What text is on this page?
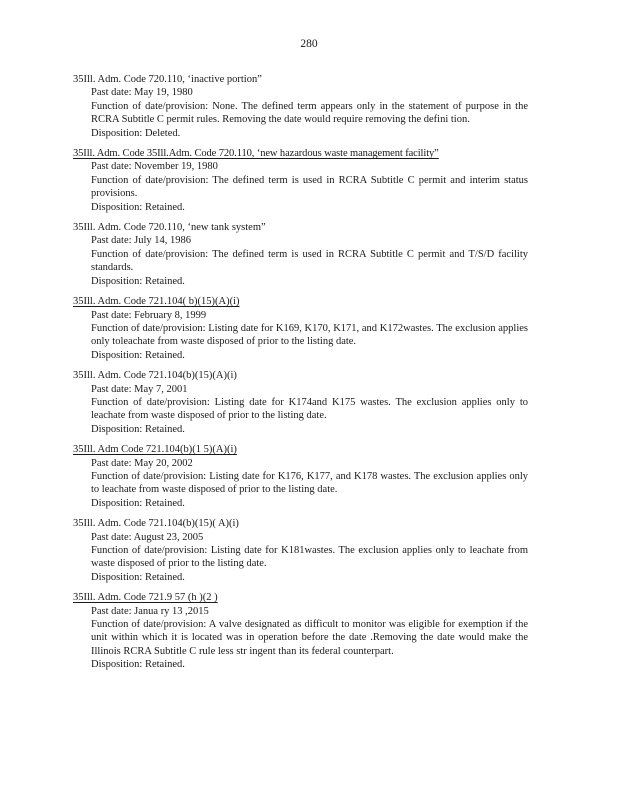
280
35Ill. Adm. Code 720.110, ‘inactive portion”
Past date: May 19, 1980
Function of date/provision: None. The defined term appears only in the statement of purpose in the RCRA Subtitle C permit rules. Removing the date would require removing the defini tion.
Disposition: Deleted.
35Ill. Adm. Code 35Ill.Adm. Code 720.110, ‘new hazardous waste management facility”
Past date: November 19, 1980
Function of date/provision: The defined term is used in RCRA Subtitle C permit and interim status provisions.
Disposition: Retained.
35Ill. Adm. Code 720.110, ‘new tank system”
Past date: July 14, 1986
Function of date/provision: The defined term is used in RCRA Subtitle C permit and T/S/D facility standards.
Disposition: Retained.
35Ill. Adm. Code 721.104( b)(15)(A)(i)
Past date: February 8, 1999
Function of date/provision: Listing date for K169, K170, K171, and K172wastes. The exclusion applies only toleachate from waste disposed of prior to the listing date.
Disposition: Retained.
35Ill. Adm. Code 721.104(b)(15)(A)(i)
Past date: May 7, 2001
Function of date/provision: Listing date for K174and K175 wastes. The exclusion applies only to leachate from waste disposed of prior to the listing date.
Disposition: Retained.
35Ill. Adm Code 721.104(b)(1 5)(A)(i)
Past date: May 20, 2002
Function of date/provision: Listing date for K176, K177, and K178 wastes. The exclusion applies only to leachate from waste disposed of prior to the listing date.
Disposition: Retained.
35Ill. Adm. Code 721.104(b)(15)( A)(i)
Past date: August 23, 2005
Function of date/provision: Listing date for K181wastes. The exclusion applies only to leachate from waste disposed of prior to the listing date.
Disposition: Retained.
35Ill. Adm. Code 721.9 57 (h )(2 )
Past date: Janua ry 13 ,2015
Function of date/provision: A valve designated as difficult to monitor was eligible for exemption if the unit within which it is located was in operation before the date .Removing the date would make the Illinois RCRA Subtitle C rule less str ingent than its federal counterpart.
Disposition: Retained.
